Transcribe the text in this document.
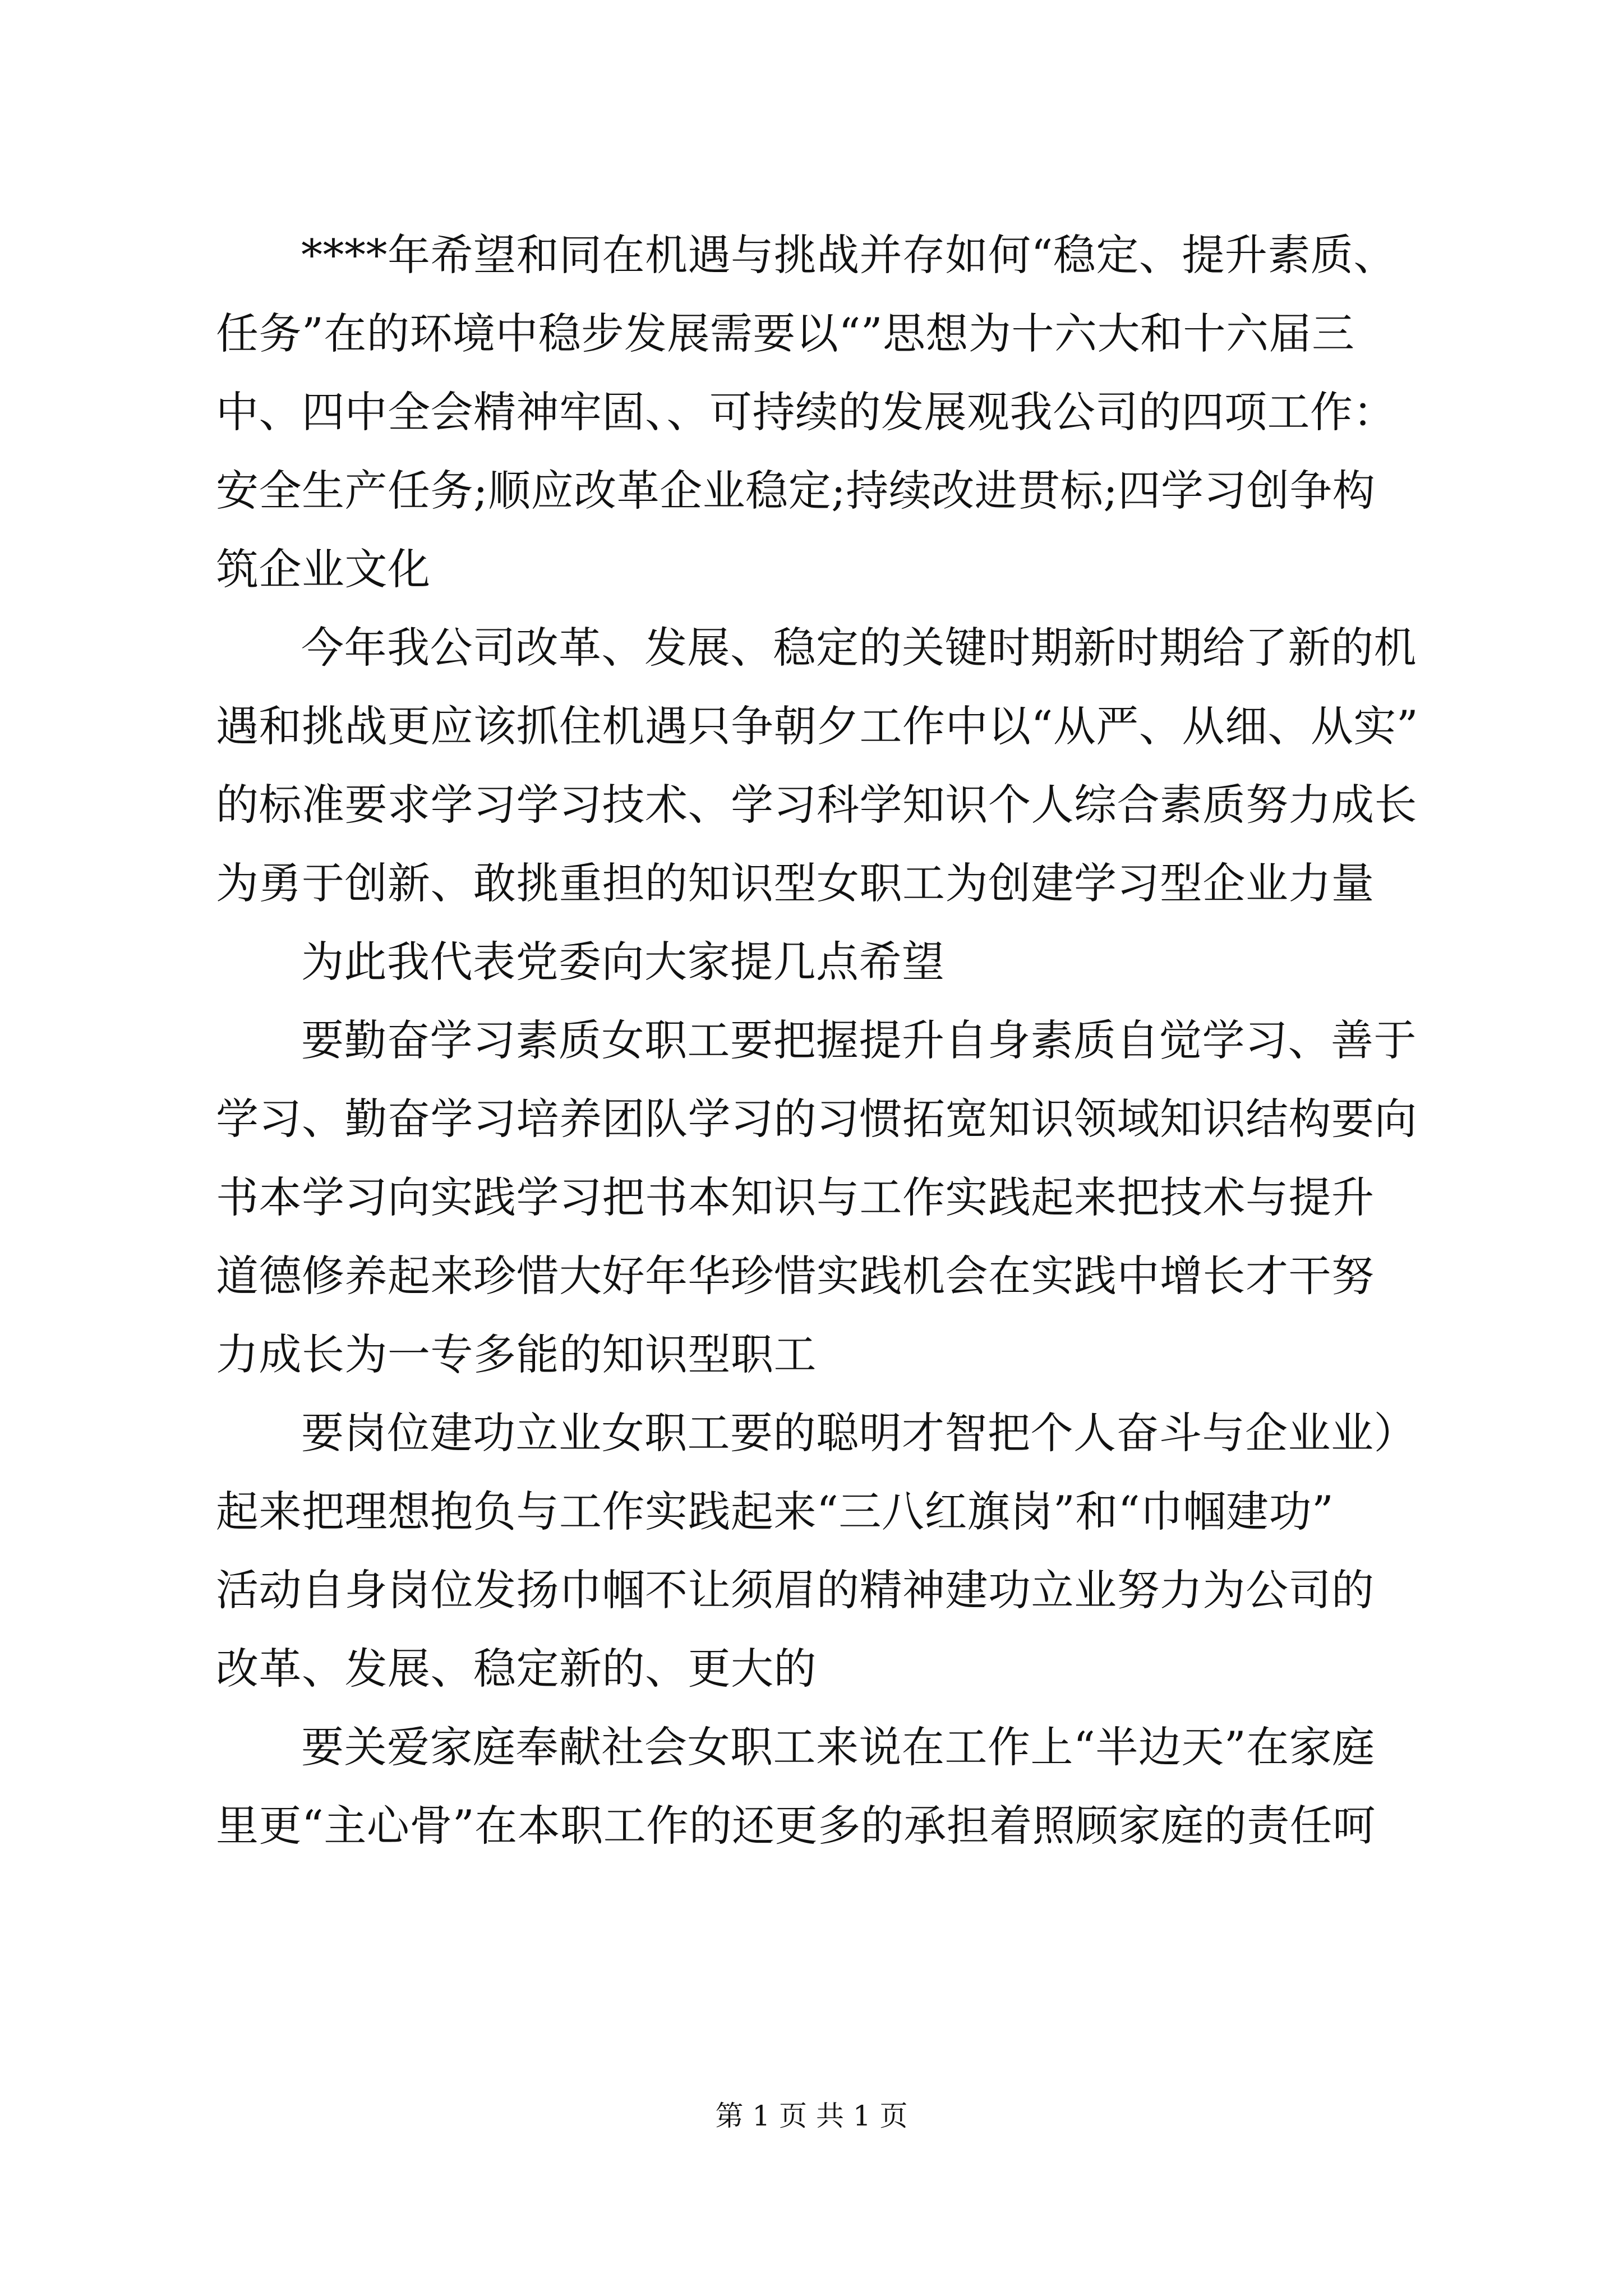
****年希望和同在机遇与挑战并存如何“稳定、提升素质、
任务”在的环境中稳步发展需要以“”思想为十六大和十六届三
中、四中全会精神牢固、、可持续的发展观我公司的四项工作：
安全生产任务;顺应改革企业稳定;持续改进贯标;四学习创争构
筑企业文化

今年我公司改革、发展、稳定的关键时期新时期给了新的机
遇和挑战更应该抓住机遇只争朝夕工作中以“从严、从细、从实”
的标准要求学习学习技术、学习科学知识个人综合素质努力成长
为勇于创新、敢挑重担的知识型女职工为创建学习型企业力量

为此我代表党委向大家提几点希望

要勤奋学习素质女职工要把握提升自身素质自觉学习、善于
学习、勤奋学习培养团队学习的习惯拓宽知识领域知识结构要向
书本学习向实践学习把书本知识与工作实践起来把技术与提升
道德修养起来珍惜大好年华珍惜实践机会在实践中增长才干努
力成长为一专多能的知识型职工

要岗位建功立业女职工要的聪明才智把个人奋斗与企业业）
起来把理想抱负与工作实践起来“三八红旗岗”和“巾帼建功”
活动自身岗位发扬巾帼不让须眉的精神建功立业努力为公司的
改革、发展、稳定新的、更大的

要关爱家庭奉献社会女职工来说在工作上“半边天”在家庭
里更“主心骨”在本职工作的还更多的承担着照顾家庭的责任呵

第 1 页 共 1 页
